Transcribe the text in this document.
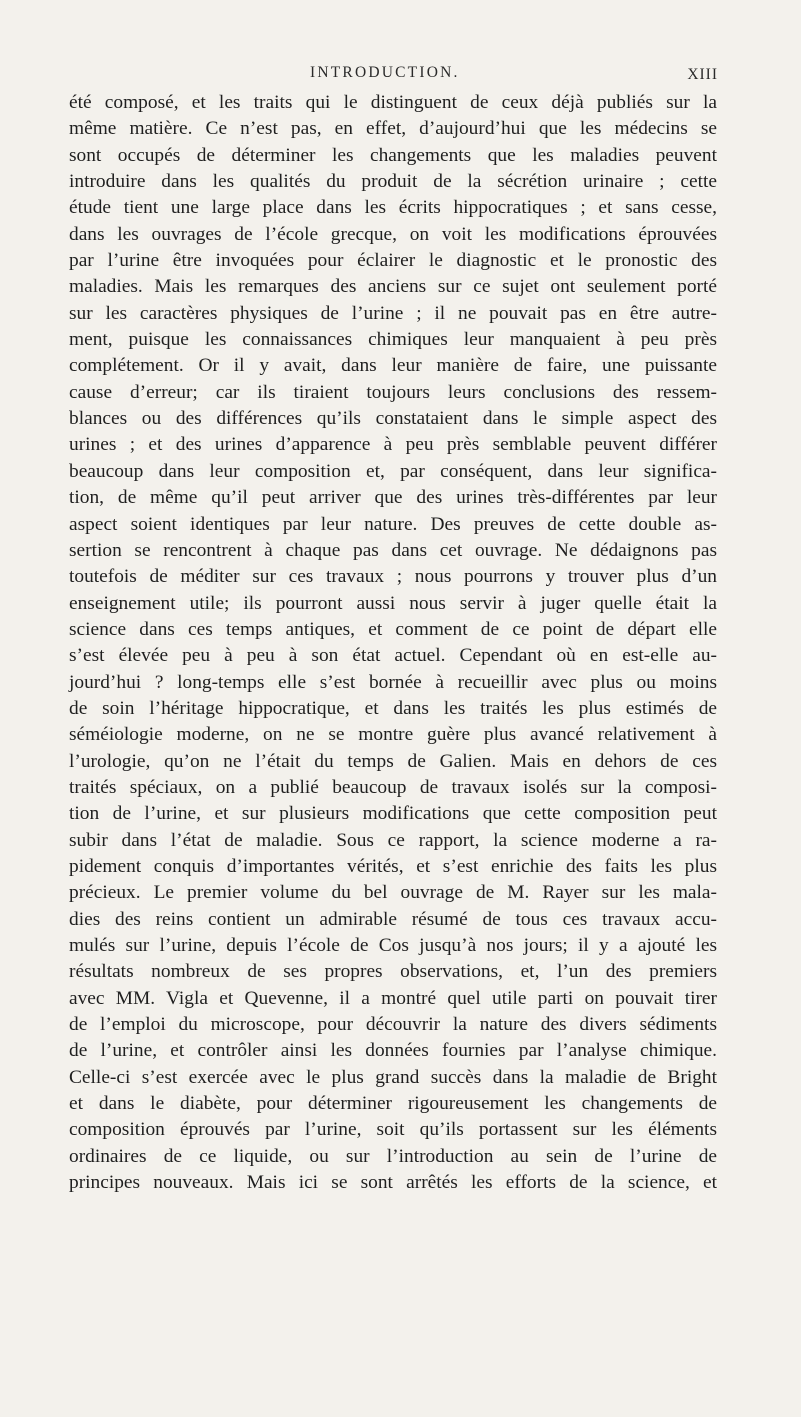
INTRODUCTION.	XIII
été composé, et les traits qui le distinguent de ceux déjà publiés sur la
même matière. Ce n’est pas, en effet, d’aujourd’hui que les médecins se
sont occupés de déterminer les changements que les maladies peuvent
introduire dans les qualités du produit de la sécrétion urinaire ; cette
étude tient une large place dans les écrits hippocratiques ; et sans cesse,
dans les ouvrages de l’école grecque, on voit les modifications éprouvées
par l’urine être invoquées pour éclairer le diagnostic et le pronostic des
maladies. Mais les remarques des anciens sur ce sujet ont seulement porté
sur les caractères physiques de l’urine ; il ne pouvait pas en être autre-
ment, puisque les connaissances chimiques leur manquaient à peu près
complétement. Or il y avait, dans leur manière de faire, une puissante
cause d’erreur; car ils tiraient toujours leurs conclusions des ressem-
blances ou des différences qu’ils constataient dans le simple aspect des
urines ; et des urines d’apparence à peu près semblable peuvent différer
beaucoup dans leur composition et, par conséquent, dans leur significa-
tion, de même qu’il peut arriver que des urines très-différentes par leur
aspect soient identiques par leur nature. Des preuves de cette double as-
sertion se rencontrent à chaque pas dans cet ouvrage. Ne dédaignons pas
toutefois de méditer sur ces travaux ; nous pourrons y trouver plus d’un
enseignement utile; ils pourront aussi nous servir à juger quelle était la
science dans ces temps antiques, et comment de ce point de départ elle
s’est élevée peu à peu à son état actuel. Cependant où en est-elle au-
jourd’hui ? long-temps elle s’est bornée à recueillir avec plus ou moins
de soin l’héritage hippocratique, et dans les traités les plus estimés de
séméiologie moderne, on ne se montre guère plus avancé relativement à
l’urologie, qu’on ne l’était du temps de Galien. Mais en dehors de ces
traités spéciaux, on a publié beaucoup de travaux isolés sur la composi-
tion de l’urine, et sur plusieurs modifications que cette composition peut
subir dans l’état de maladie. Sous ce rapport, la science moderne a ra-
pidement conquis d’importantes vérités, et s’est enrichie des faits les plus
précieux. Le premier volume du bel ouvrage de M. Rayer sur les mala-
dies des reins contient un admirable résumé de tous ces travaux accu-
mulés sur l’urine, depuis l’école de Cos jusqu’à nos jours; il y a ajouté les
résultats nombreux de ses propres observations, et, l’un des premiers
avec MM. Vigla et Quevenne, il a montré quel utile parti on pouvait tirer
de l’emploi du microscope, pour découvrir la nature des divers sédiments
de l’urine, et contrôler ainsi les données fournies par l’analyse chimique.
Celle-ci s’est exercée avec le plus grand succès dans la maladie de Bright
et dans le diabète, pour déterminer rigoureusement les changements de
composition éprouvés par l’urine, soit qu’ils portassent sur les éléments
ordinaires de ce liquide, ou sur l’introduction au sein de l’urine de
principes nouveaux. Mais ici se sont arrêtés les efforts de la science, et
